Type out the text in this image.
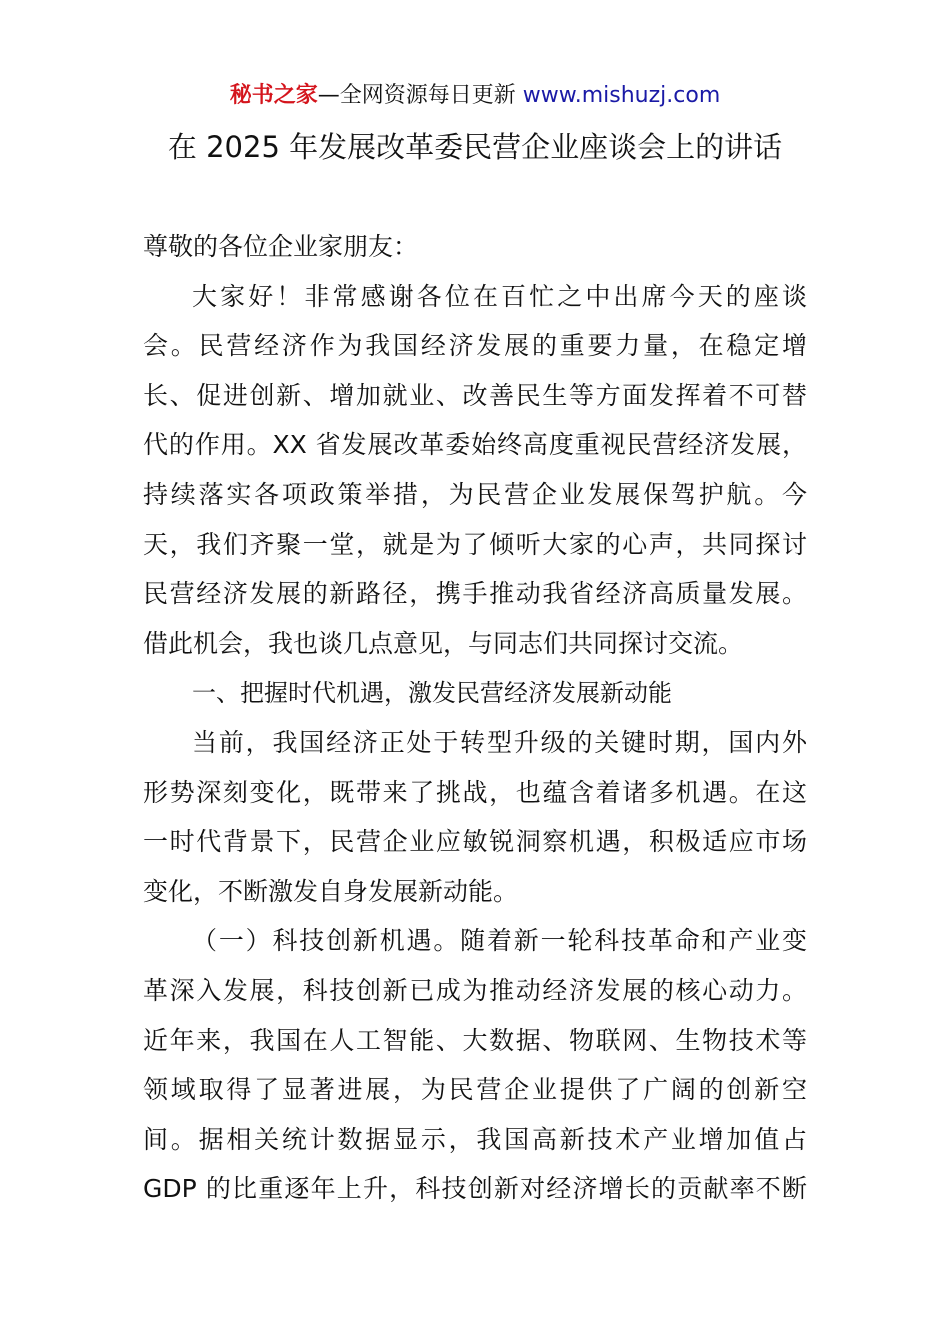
秘书之家—全网资源每日更新 www.mishuzj.com
在 2025 年发展改革委民营企业座谈会上的讲话
尊敬的各位企业家朋友：
大家好！非常感谢各位在百忙之中出席今天的座谈
会。民营经济作为我国经济发展的重要力量，在稳定增
长、促进创新、增加就业、改善民生等方面发挥着不可替
代的作用。XX 省发展改革委始终高度重视民营经济发展，
持续落实各项政策举措，为民营企业发展保驾护航。今
天，我们齐聚一堂，就是为了倾听大家的心声，共同探讨
民营经济发展的新路径，携手推动我省经济高质量发展。
借此机会，我也谈几点意见，与同志们共同探讨交流。
一、把握时代机遇，激发民营经济发展新动能
当前，我国经济正处于转型升级的关键时期，国内外
形势深刻变化，既带来了挑战，也蕴含着诸多机遇。在这
一时代背景下，民营企业应敏锐洞察机遇，积极适应市场
变化，不断激发自身发展新动能。
（一）科技创新机遇。随着新一轮科技革命和产业变
革深入发展，科技创新已成为推动经济发展的核心动力。
近年来，我国在人工智能、大数据、物联网、生物技术等
领域取得了显著进展，为民营企业提供了广阔的创新空
间。据相关统计数据显示，我国高新技术产业增加值占
GDP 的比重逐年上升，科技创新对经济增长的贡献率不断
